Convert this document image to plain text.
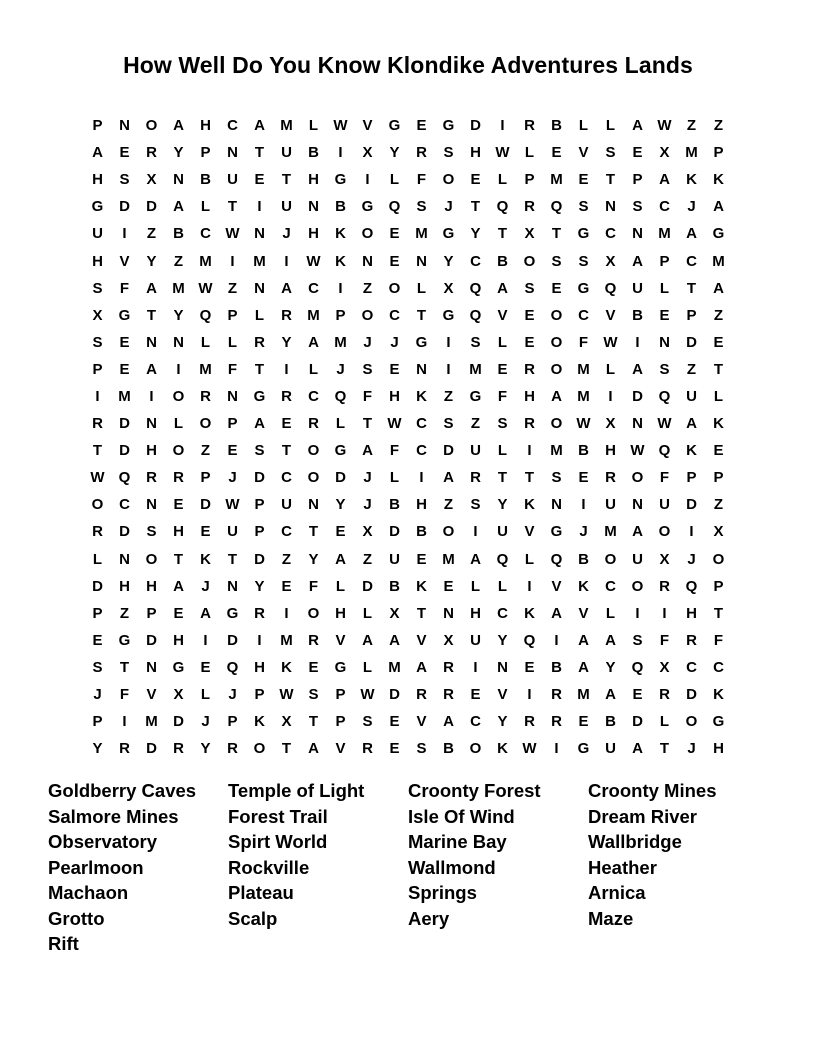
How Well Do You Know Klondike Adventures Lands
P	N	O	A	H	C	A	M	L	W V	G	E	G	D	I	R	B	L	L	A W	Z	Z
A	E	R	Y	P	N	T	U	B	I	X	Y	R	S	H W	L	E	V	S	E	X	M	P
H	S	X	N	B	U	E	T	H	G	I	L	F	O	E	L	P	M	E	T	P	A	K	K
G	D	D	A	L	T	I	U	N	B	G	Q	S	J	T	Q	R	Q	S	N	S	C	J	A
U	I	Z	B	C W N	J	H	K	O	E	M G	Y	T	X	T	G	C	N	M	A	G
H	V	Y	Z	M	I	M	I	W K	N	E	N	Y	C	B	O	S	S	X	A	P	C	M
S	F	A	M W	Z	N	A	C	I	Z	O	L	X	Q	A	S	E	G	Q	U	L	T	A
X	G	T	Y	Q	P	L	R	M	P	O	C	T	G	Q	V	E	O	C	V	B	E	P	Z
S	E	N	N	L	L	R	Y	A	M	J	J	G	I	S	L	E	O	F	W	I	N	D	E
P	E	A	I	M	F	T	I	L	J	S	E	N	I	M	E	R	O M	L	A	S	Z	T
I	M	I	O	R	N	G	R	C	Q	F	H	K	Z	G	F	H	A	M	I	D	Q	U	L
R	D	N	L	O	P	A	E	R	L	T	W C	S	Z	S	R	O W X	N W A	K
T	D	H	O	Z	E	S	T	O	G	A	F	C	D	U	L	I	M	B	H W Q	K	E
W Q	R	R	P	J	D	C	O	D	J	L	I	A	R	T	T	S	E	R	O	F	P	P
O	C	N	E	D W P	U	N	Y	J	B	H	Z	S	Y	K	N	I	U	N	U	D	Z
R	D	S	H	E	U	P	C	T	E	X	D	B	O	I	U	V	G	J	M	A	O	I	X
L	N	O	T	K	T	D	Z	Y	A	Z	U	E	M	A	Q	L	Q	B	O	U	X	J	O
D	H	H	A	J	N	Y	E	F	L	D	B	K	E	L	L	I	V	K	C	O	R	Q	P
P	Z	P	E	A	G	R	I	O	H	L	X	T	N	H	C	K	A	V	L	I	I	H	T
E	G	D	H	I	D	I	M	R	V	A	A	V	X	U	Y	Q	I	A	A	S	F	R	F
S	T	N	G	E	Q	H	K	E	G	L	M	A	R	I	N	E	B	A	Y	Q	X	C	C
J	F	V	X	L	J	P W S	P W D	R	R	E	V	I	R	M	A	E	R	D	K
P	I	M	D	J	P	K	X	T	P	S	E	V	A	C	Y	R	R	E	B	D	L	O	G
Y	R	D	R	Y	R	O	T	A	V	R	E	S	B	O	K W	I	G	U	A	T	J	H
Goldberry Caves	Temple of Light	Croonty Forest	Croonty Mines
Salmore Mines	Forest Trail	Isle Of Wind	Dream River
Observatory	Spirt World	Marine Bay	Wallbridge
Pearlmoon	Rockville	Wallmond	Heather
Machaon	Plateau	Springs	Arnica
Grotto	Scalp	Aery	Maze
Rift
